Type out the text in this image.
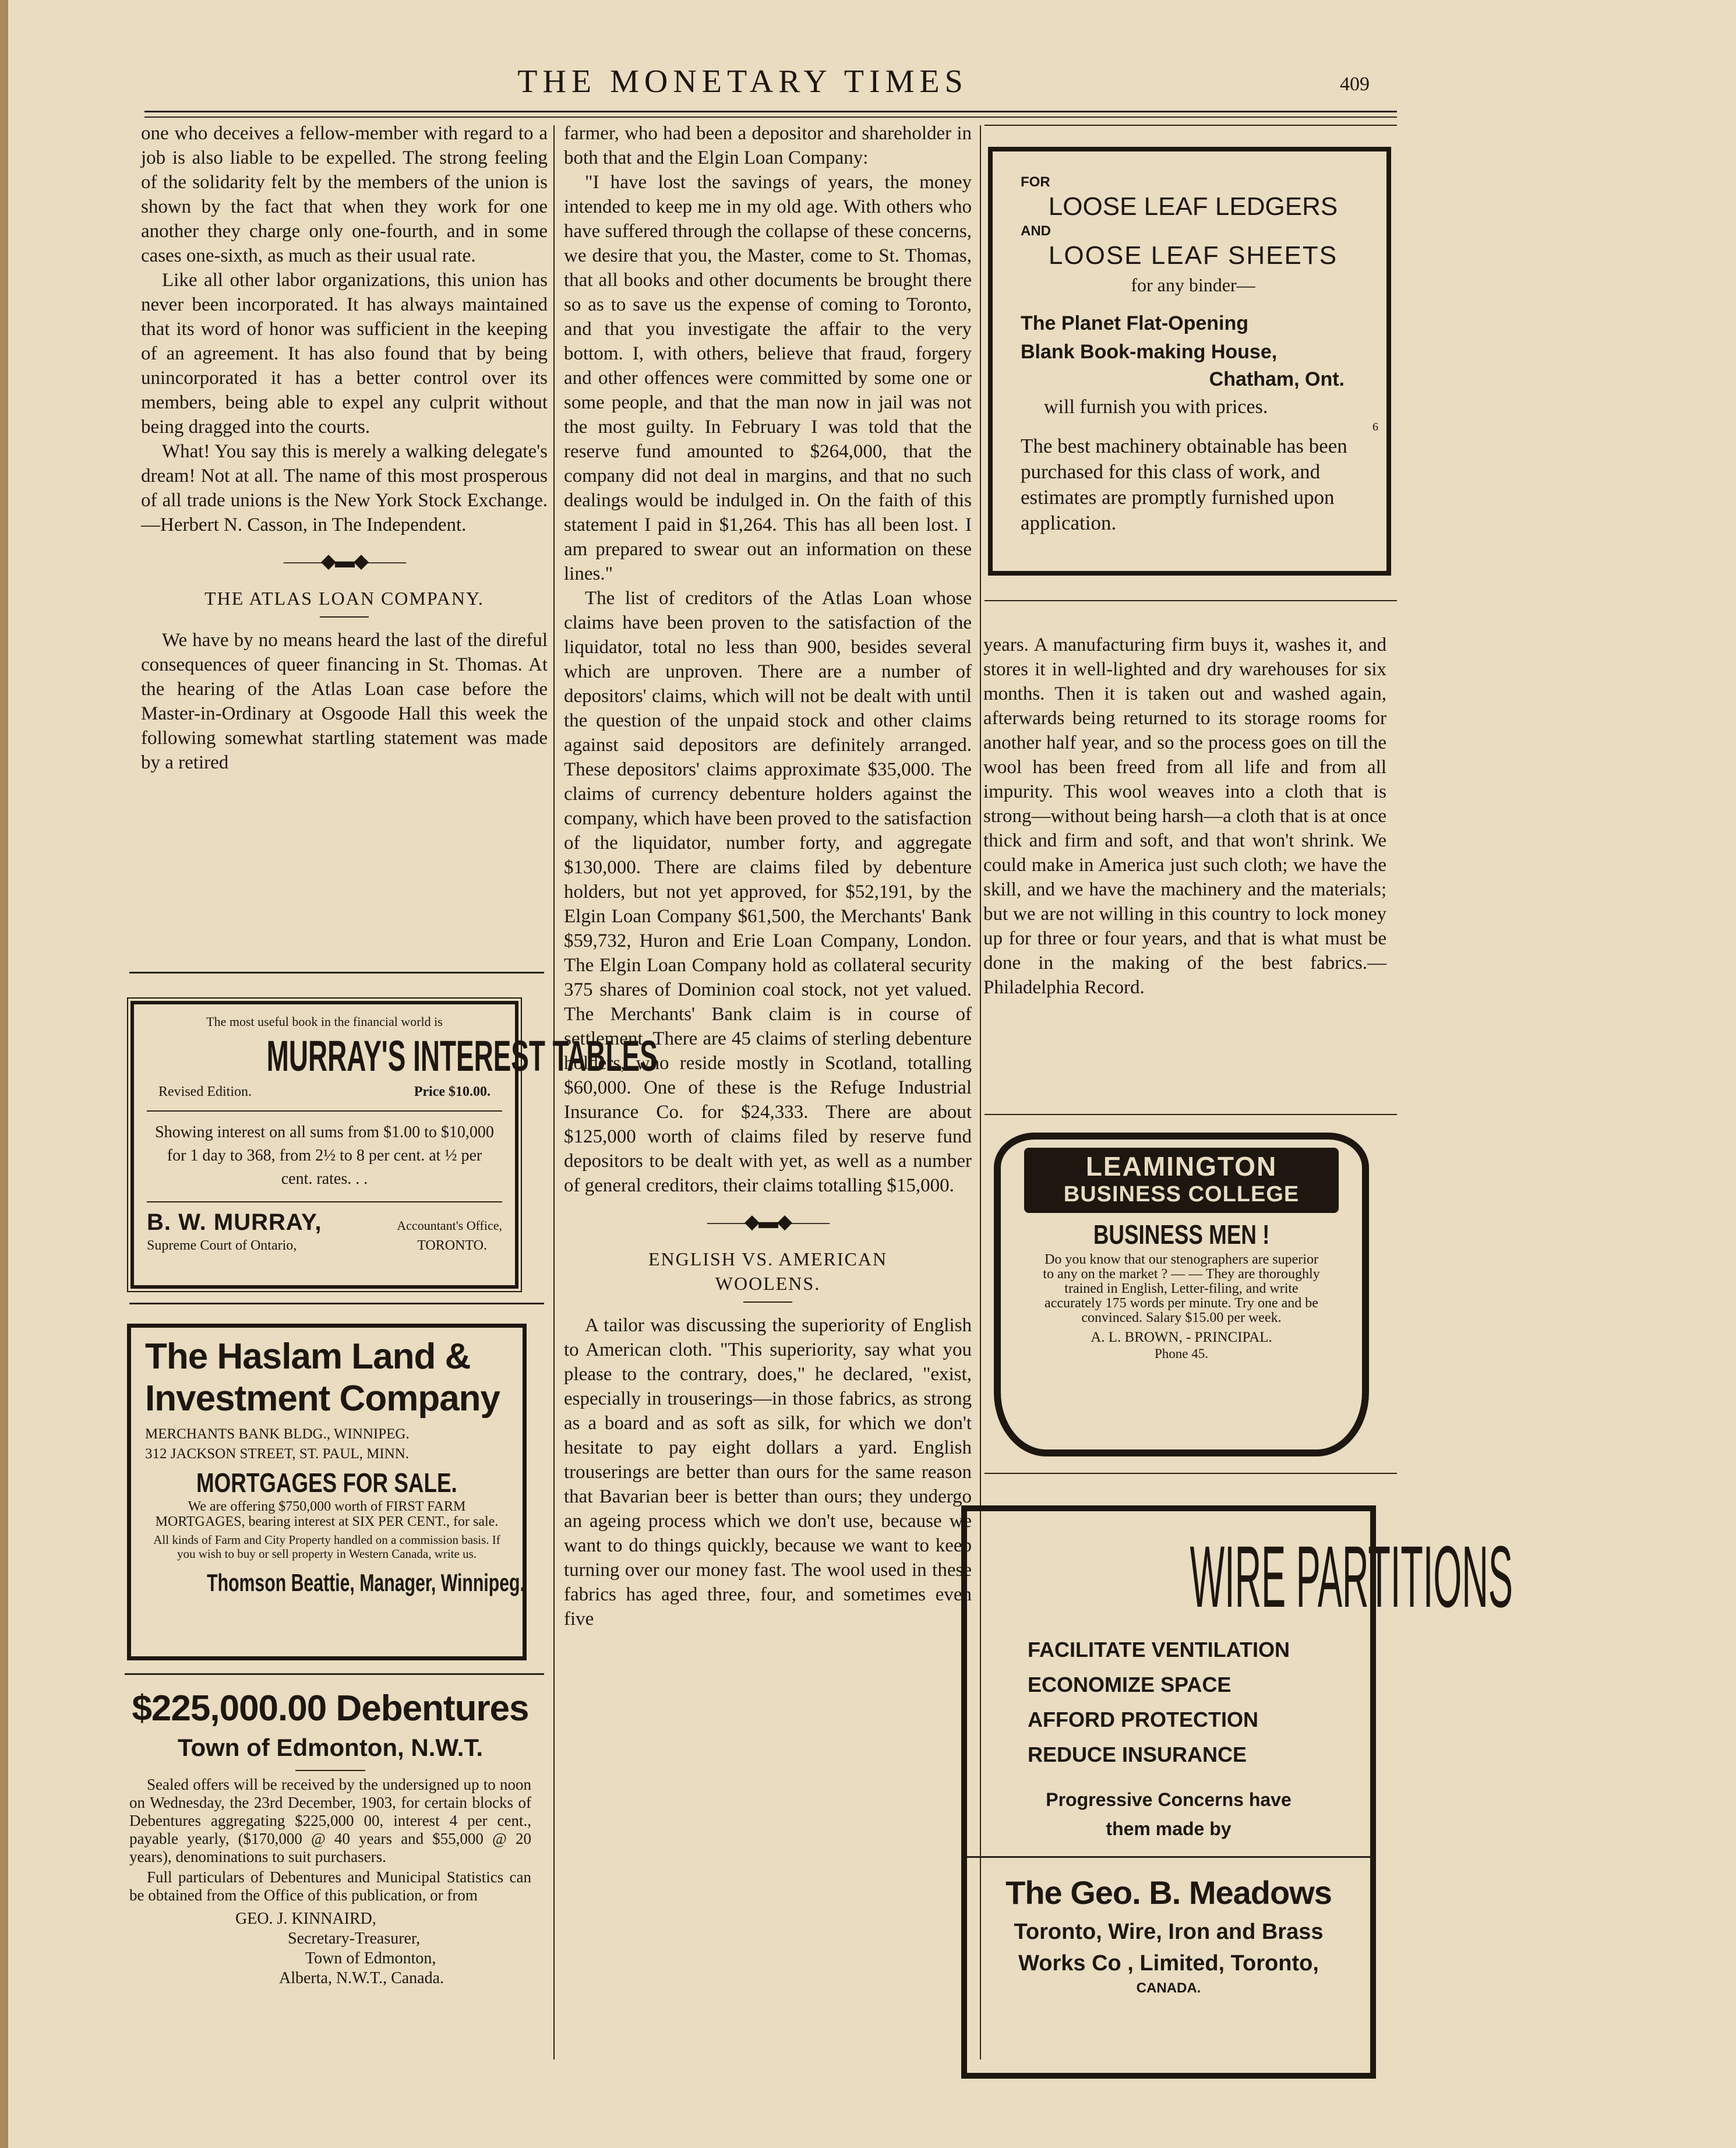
THE MONETARY TIMES	409

one who deceives a fellow-member with regard to a job is also liable to be expelled. The strong feeling of the solidarity felt by the members of the union is shown by the fact that when they work for one another they charge only one-fourth, and in some cases one-sixth, as much as their usual rate.

Like all other labor organizations, this union has never been incorporated. It has always maintained that its word of honor was sufficient in the keeping of an agreement. It has also found that by being unincorporated it has a better control over its members, being able to expel any culprit without being dragged into the courts.

What! You say this is merely a walking delegate's dream! Not at all. The name of this most prosperous of all trade unions is the New York Stock Exchange.—Herbert N. Casson, in The Independent.

——◆▬◆——
THE ATLAS LOAN COMPANY.

We have by no means heard the last of the direful consequences of queer financing in St. Thomas. At the hearing of the Atlas Loan case before the Master-in-Ordinary at Osgoode Hall this week the following somewhat startling statement was made by a retired

The most useful book in the financial world is
MURRAY'S INTEREST TABLES
Revised Edition.	Price $10.00.
Showing interest on all sums from $1.00 to $10,000 for 1 day to 368, from 2½ to 8 per cent. at ½ per cent. rates. . .
B. W. MURRAY,	Accountant's Office,
Supreme Court of Ontario,	TORONTO.
The Haslam Land &
Investment Company
MERCHANTS BANK BLDG., WINNIPEG.
312 JACKSON STREET, ST. PAUL, MINN.
MORTGAGES FOR SALE.
We are offering $750,000 worth of FIRST FARM MORTGAGES, bearing interest at SIX PER CENT., for sale.
All kinds of Farm and City Property handled on a commission basis. If you wish to buy or sell property in Western Canada, write us.
Thomson Beattie, Manager, Winnipeg.
$225,000.00 Debentures
Town of Edmonton, N.W.T.
Sealed offers will be received by the undersigned up to noon on Wednesday, the 23rd December, 1903, for certain blocks of Debentures aggregating $225,000 00, interest 4 per cent., payable yearly, ($170,000 @ 40 years and $55,000 @ 20 years), denominations to suit purchasers.
Full particulars of Debentures and Municipal Statistics can be obtained from the Office of this publication, or from
GEO. J. KINNAIRD,
Secretary-Treasurer,
Town of Edmonton,
Alberta, N.W.T., Canada.

farmer, who had been a depositor and shareholder in both that and the Elgin Loan Company:

"I have lost the savings of years, the money intended to keep me in my old age. With others who have suffered through the collapse of these concerns, we desire that you, the Master, come to St. Thomas, that all books and other documents be brought there so as to save us the expense of coming to Toronto, and that you investigate the affair to the very bottom. I, with others, believe that fraud, forgery and other offences were committed by some one or some people, and that the man now in jail was not the most guilty. In February I was told that the reserve fund amounted to $264,000, that the company did not deal in margins, and that no such dealings would be indulged in. On the faith of this statement I paid in $1,264. This has all been lost. I am prepared to swear out an information on these lines."

The list of creditors of the Atlas Loan whose claims have been proven to the satisfaction of the liquidator, total no less than 900, besides several which are unproven. There are a number of depositors' claims, which will not be dealt with until the question of the unpaid stock and other claims against said depositors are definitely arranged. These depositors' claims approximate $35,000. The claims of currency debenture holders against the company, which have been proved to the satisfaction of the liquidator, number forty, and aggregate $130,000. There are claims filed by debenture holders, but not yet approved, for $52,191, by the Elgin Loan Company $61,500, the Merchants' Bank $59,732, Huron and Erie Loan Company, London. The Elgin Loan Company hold as collateral security 375 shares of Dominion coal stock, not yet valued. The Merchants' Bank claim is in course of settlement. There are 45 claims of sterling debenture holders, who reside mostly in Scotland, totalling $60,000. One of these is the Refuge Industrial Insurance Co. for $24,333. There are about $125,000 worth of claims filed by reserve fund depositors to be dealt with yet, as well as a number of general creditors, their claims totalling $15,000.

——◆▬◆——
ENGLISH VS. AMERICAN WOOLENS.

A tailor was discussing the superiority of English to American cloth. "This superiority, say what you please to the contrary, does," he declared, "exist, especially in trouserings—in those fabrics, as strong as a board and as soft as silk, for which we don't hesitate to pay eight dollars a yard. English trouserings are better than ours for the same reason that Bavarian beer is better than ours; they undergo an ageing process which we don't use, because we want to do things quickly, because we want to keep turning over our money fast. The wool used in these fabrics has aged three, four, and sometimes even five

FOR
LOOSE LEAF LEDGERS
AND
LOOSE LEAF SHEETS
for any binder—
The Planet Flat-Opening
Blank Book-making House,
Chatham, Ont.
will furnish you with prices.
The best machinery obtainable has been purchased for this class of work, and estimates are promptly furnished upon application.
6

years. A manufacturing firm buys it, washes it, and stores it in well-lighted and dry warehouses for six months. Then it is taken out and washed again, afterwards being returned to its storage rooms for another half year, and so the process goes on till the wool has been freed from all life and from all impurity. This wool weaves into a cloth that is strong—without being harsh—a cloth that is at once thick and firm and soft, and that won't shrink. We could make in America just such cloth; we have the skill, and we have the machinery and the materials; but we are not willing in this country to lock money up for three or four years, and that is what must be done in the making of the best fabrics.—Philadelphia Record.

LEAMINGTON
BUSINESS COLLEGE
BUSINESS MEN !
Do you know that our stenographers are superior to any on the market ? — — They are thoroughly trained in English, Letter-filing, and write accurately 175 words per minute. Try one and be convinced. Salary $15.00 per week.
A. L. BROWN, - PRINCIPAL.
Phone 45.
WIRE PARTITIONS
FACILITATE VENTILATION
ECONOMIZE SPACE
AFFORD PROTECTION
REDUCE INSURANCE
Progressive Concerns have
them made by
The Geo. B. Meadows
Toronto, Wire, Iron and Brass
Works Co , Limited, Toronto,
CANADA.
